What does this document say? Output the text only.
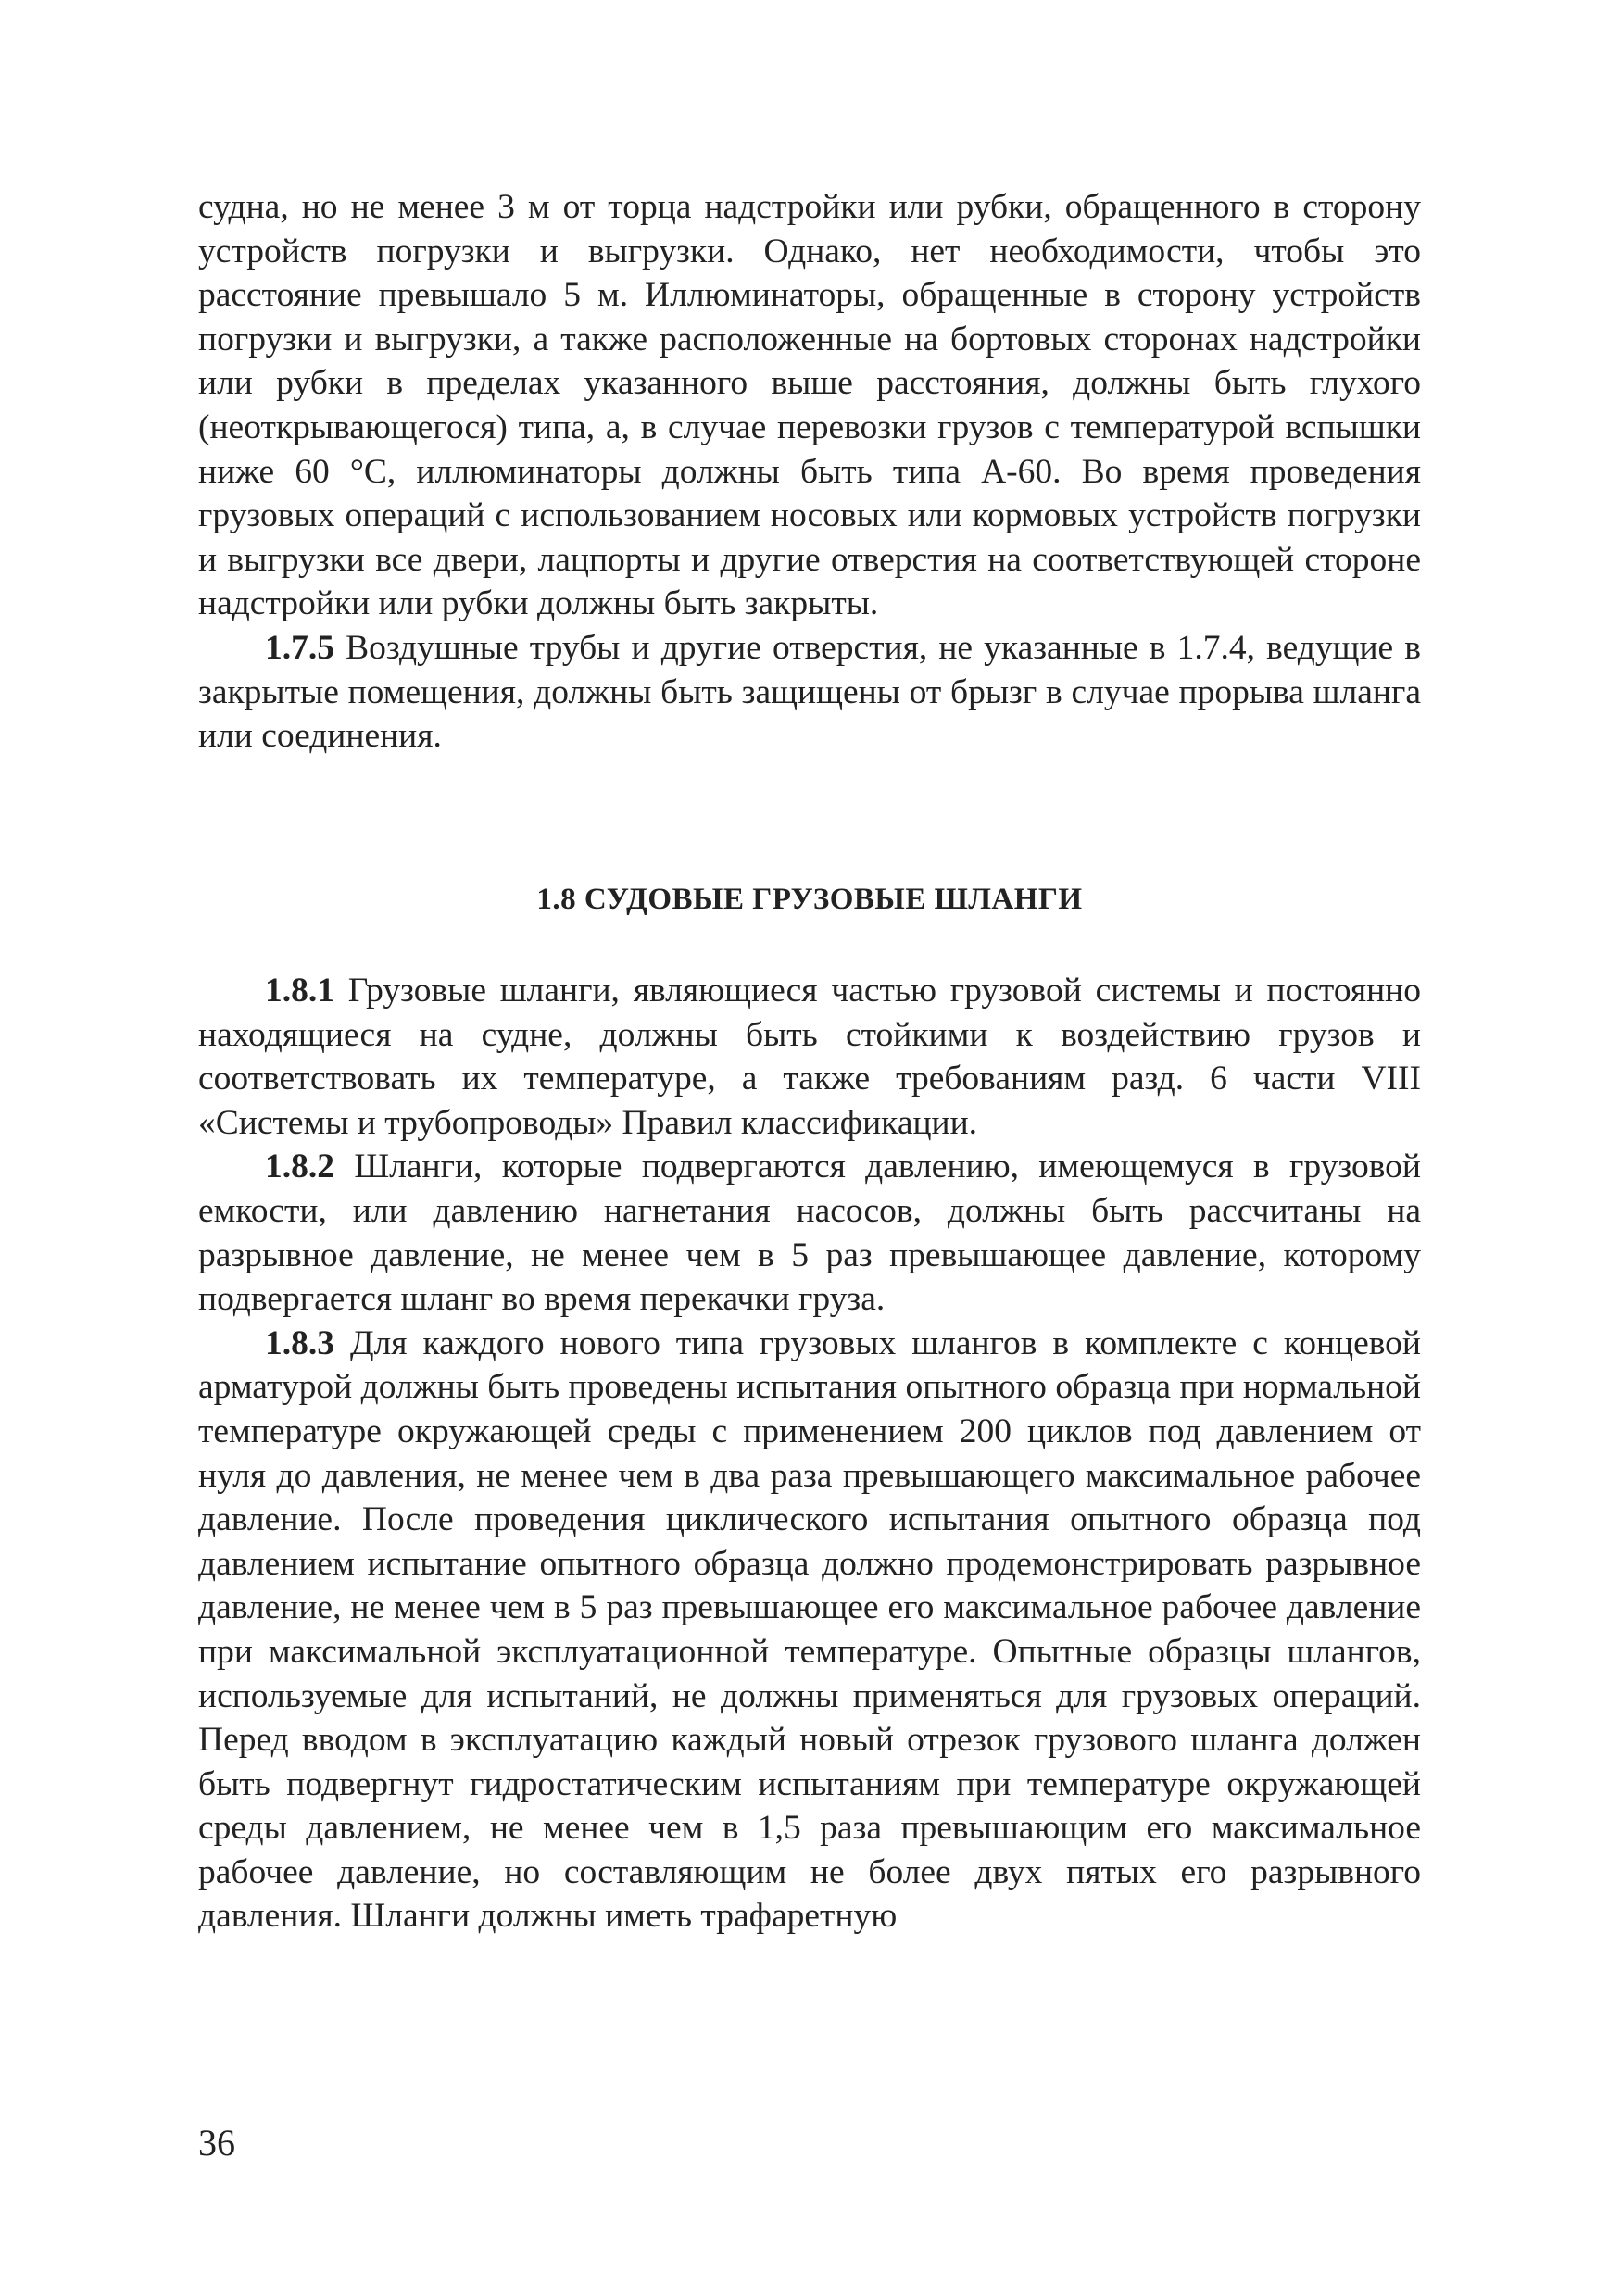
судна, но не менее 3 м от торца надстройки или рубки, обращенного в сторону устройств погрузки и выгрузки. Однако, нет необходимости, чтобы это расстояние превышало 5 м. Иллюминаторы, обращенные в сторону устройств погрузки и выгрузки, а также расположенные на бортовых сторонах надстройки или рубки в пределах указанного выше расстояния, должны быть глухого (неоткрывающегося) типа, а, в случае перевозки грузов с температурой вспышки ниже 60 °C, иллюминаторы должны быть типа А-60. Во время проведения грузовых операций с использованием носовых или кормовых устройств погрузки и выгрузки все двери, лацпорты и другие отверстия на соответствующей стороне надстройки или рубки должны быть закрыты.

1.7.5 Воздушные трубы и другие отверстия, не указанные в 1.7.4, ведущие в закрытые помещения, должны быть защищены от брызг в случае прорыва шланга или соединения.

1.8 СУДОВЫЕ ГРУЗОВЫЕ ШЛАНГИ

1.8.1 Грузовые шланги, являющиеся частью грузовой системы и постоянно находящиеся на судне, должны быть стойкими к воздействию грузов и соответствовать их температуре, а также требованиям разд. 6 части VIII «Системы и трубопроводы» Правил классификации.

1.8.2 Шланги, которые подвергаются давлению, имеющемуся в грузовой емкости, или давлению нагнетания насосов, должны быть рассчитаны на разрывное давление, не менее чем в 5 раз превышающее давление, которому подвергается шланг во время перекачки груза.

1.8.3 Для каждого нового типа грузовых шлангов в комплекте с концевой арматурой должны быть проведены испытания опытного образца при нормальной температуре окружающей среды с применением 200 циклов под давлением от нуля до давления, не менее чем в два раза превышающего максимальное рабочее давление. После проведения циклического испытания опытного образца под давлением испытание опытного образца должно продемонстрировать разрывное давление, не менее чем в 5 раз превышающее его максимальное рабочее давление при максимальной эксплуатационной температуре. Опытные образцы шлангов, используемые для испытаний, не должны применяться для грузовых операций. Перед вводом в эксплуатацию каждый новый отрезок грузового шланга должен быть подвергнут гидростатическим испытаниям при температуре окружающей среды давлением, не менее чем в 1,5 раза превышающим его максимальное рабочее давление, но составляющим не более двух пятых его разрывного давления. Шланги должны иметь трафаретную

36
